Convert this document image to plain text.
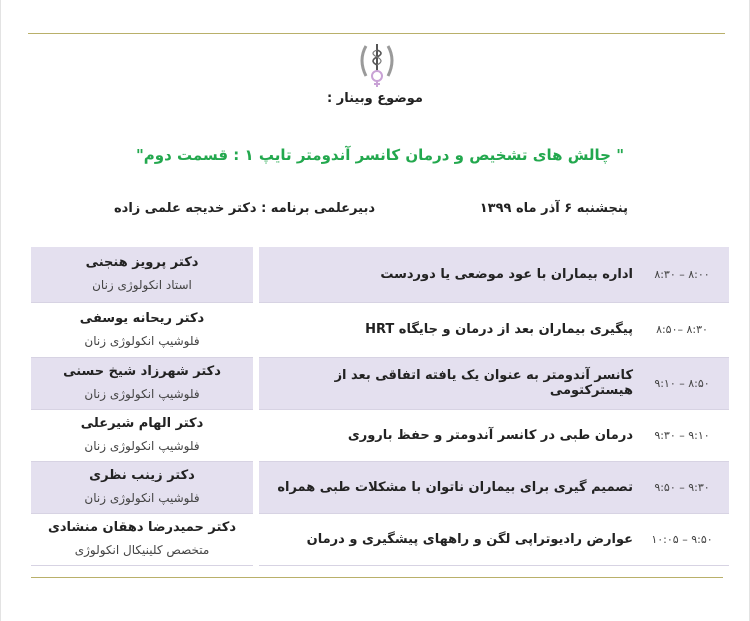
موضوع وبینار :
" چالش های تشخیص و درمان کانسر آندومتر تایپ ۱ : قسمت دوم"
پنجشنبه ۶ آذر ماه ۱۳۹۹
دبیرعلمی برنامه : دکتر خدیجه علمی زاده
۸:۰۰ – ۸:۳۰	اداره بیماران با عود موضعی یا دوردست	دکتر پرویز هنجنی
استاد انکولوژی زنان

۸:۳۰ –۸:۵۰	پیگیری بیماران بعد از درمان و جایگاه HRT	دکتر ریحانه یوسفی
فلوشیپ انکولوژی زنان

۸:۵۰ – ۹:۱۰	کانسر آندومتر به عنوان یک یافته اتفاقی بعد از هیسترکتومی	دکتر شهرزاد شیخ حسنی
فلوشیپ انکولوژی زنان

۹:۱۰ – ۹:۳۰	درمان طبی در کانسر آندومتر و حفظ باروری	دکتر الهام شیرعلی
فلوشیپ انکولوژی زنان

۹:۳۰ – ۹:۵۰	تصمیم گیری برای بیماران ناتوان با مشکلات طبی همراه	دکتر زینب نظری
فلوشیپ انکولوژی زنان

۹:۵۰ – ۱۰:۰۵	عوارض رادیوتراپی لگن و راههای پیشگیری و درمان	دکتر حمیدرضا دهقان منشادی
متخصص کلینیکال انکولوژی
